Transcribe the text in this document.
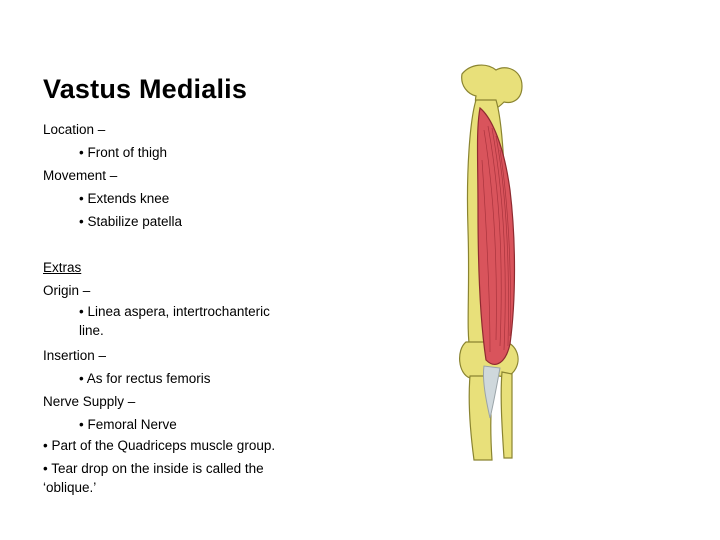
Vastus Medialis
Location –
• Front of thigh
Movement –
• Extends knee
• Stabilize patella
Extras
Origin –
• Linea aspera, intertrochanteric line.
Insertion –
• As for rectus femoris
Nerve Supply –
• Femoral Nerve
• Part of the Quadriceps muscle group.
• Tear drop on the inside is called the ‘oblique.’
